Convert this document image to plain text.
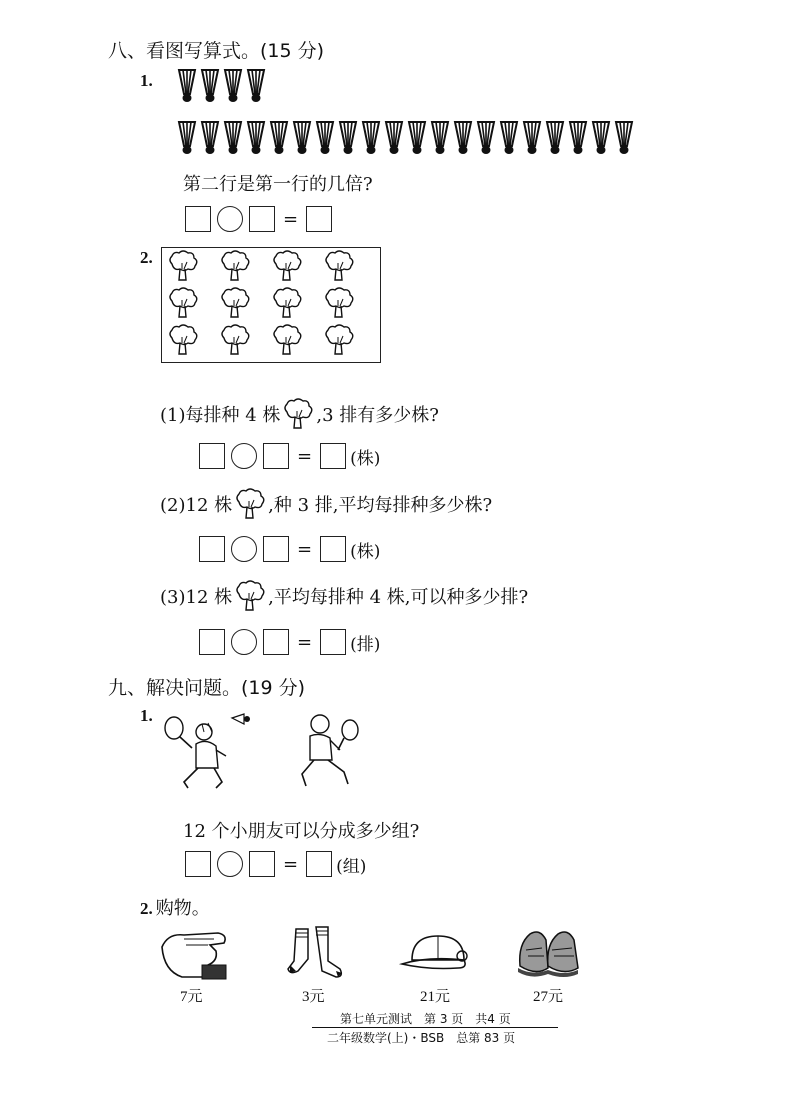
八、看图写算式。(15 分)
1.
第二行是第一行的几倍?
=
2.
(1)每排种 4 株 ,3 排有多少株?
= (株)
(2)12 株 ,种 3 排,平均每排种多少株?
= (株)
(3)12 株 ,平均每排种 4 株,可以种多少排?
= (排)
九、解决问题。(19 分)
1.
12 个小朋友可以分成多少组?
= (组)
2. 购物。
7元	3元	21元	27元
第七单元测试　第 3 页　共4 页
二年级数学(上)・BSB　总第 83 页
